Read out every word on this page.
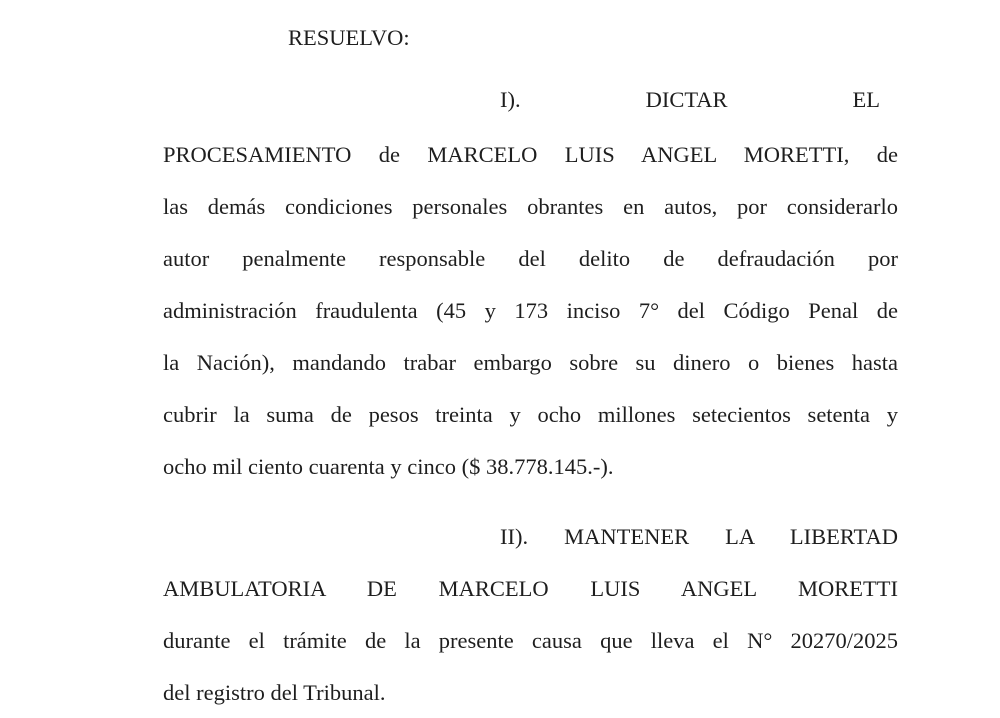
RESUELVO:
I). DICTAR EL
PROCESAMIENTO de MARCELO LUIS ANGEL MORETTI, de
las demás condiciones personales obrantes en autos, por considerarlo
autor penalmente responsable del delito de defraudación por
administración fraudulenta (45 y 173 inciso 7° del Código Penal de
la Nación), mandando trabar embargo sobre su dinero o bienes hasta
cubrir la suma de pesos treinta y ocho millones setecientos setenta y
ocho mil ciento cuarenta y cinco ($ 38.778.145.-).
II). MANTENER LA LIBERTAD
AMBULATORIA DE MARCELO LUIS ANGEL MORETTI
durante el trámite de la presente causa que lleva el N° 20270/2025
del registro del Tribunal.
